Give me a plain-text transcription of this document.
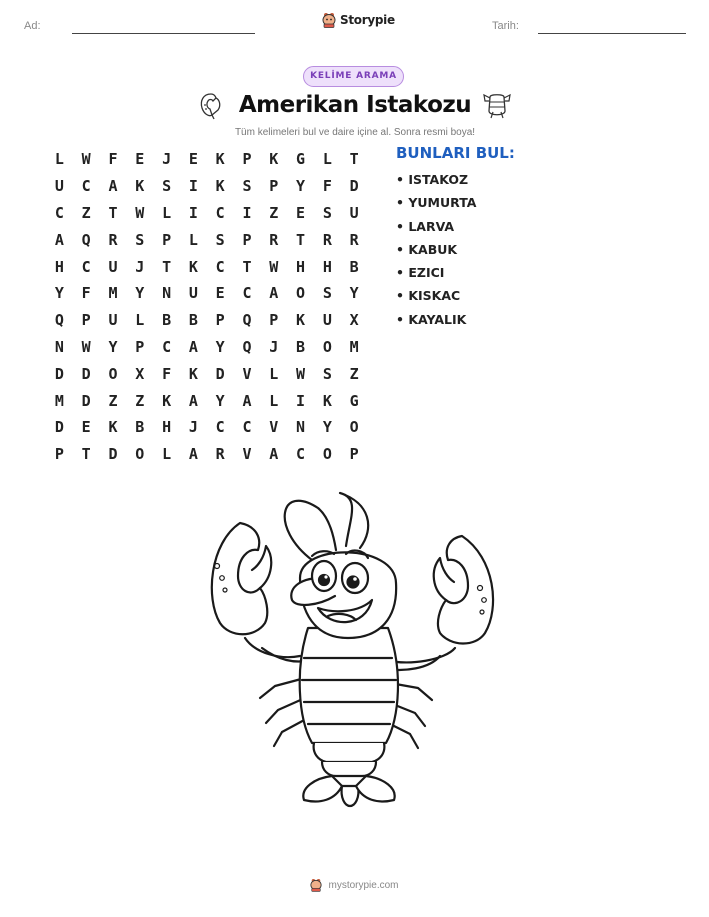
Ad:	Storypie	Tarih:
KELİME ARAMA
Amerikan Istakozu
Tüm kelimeleri bul ve daire içine al. Sonra resmi boya!
L	W	F	E	J	E	K	P	K	G	L	T
U	C	A	K	S	I	K	S	P	Y	F	D
C	Z	T	W	L	I	C	I	Z	E	S	U
A	Q	R	S	P	L	S	P	R	T	R	R
H	C	U	J	T	K	C	T	W	H	H	B
Y	F	M	Y	N	U	E	C	A	O	S	Y
Q	P	U	L	B	B	P	Q	P	K	U	X
N	W	Y	P	C	A	Y	Q	J	B	O	M
D	D	O	X	F	K	D	V	L	W	S	Z
M	D	Z	Z	K	A	Y	A	L	I	K	G
D	E	K	B	H	J	C	C	V	N	Y	O
P	T	D	O	L	A	R	V	A	C	O	P
BUNLARI BUL:
• ISTAKOZ
• YUMURTA
• LARVA
• KABUK
• EZICI
• KISKAC
• KAYALIK
mystorypie.com
